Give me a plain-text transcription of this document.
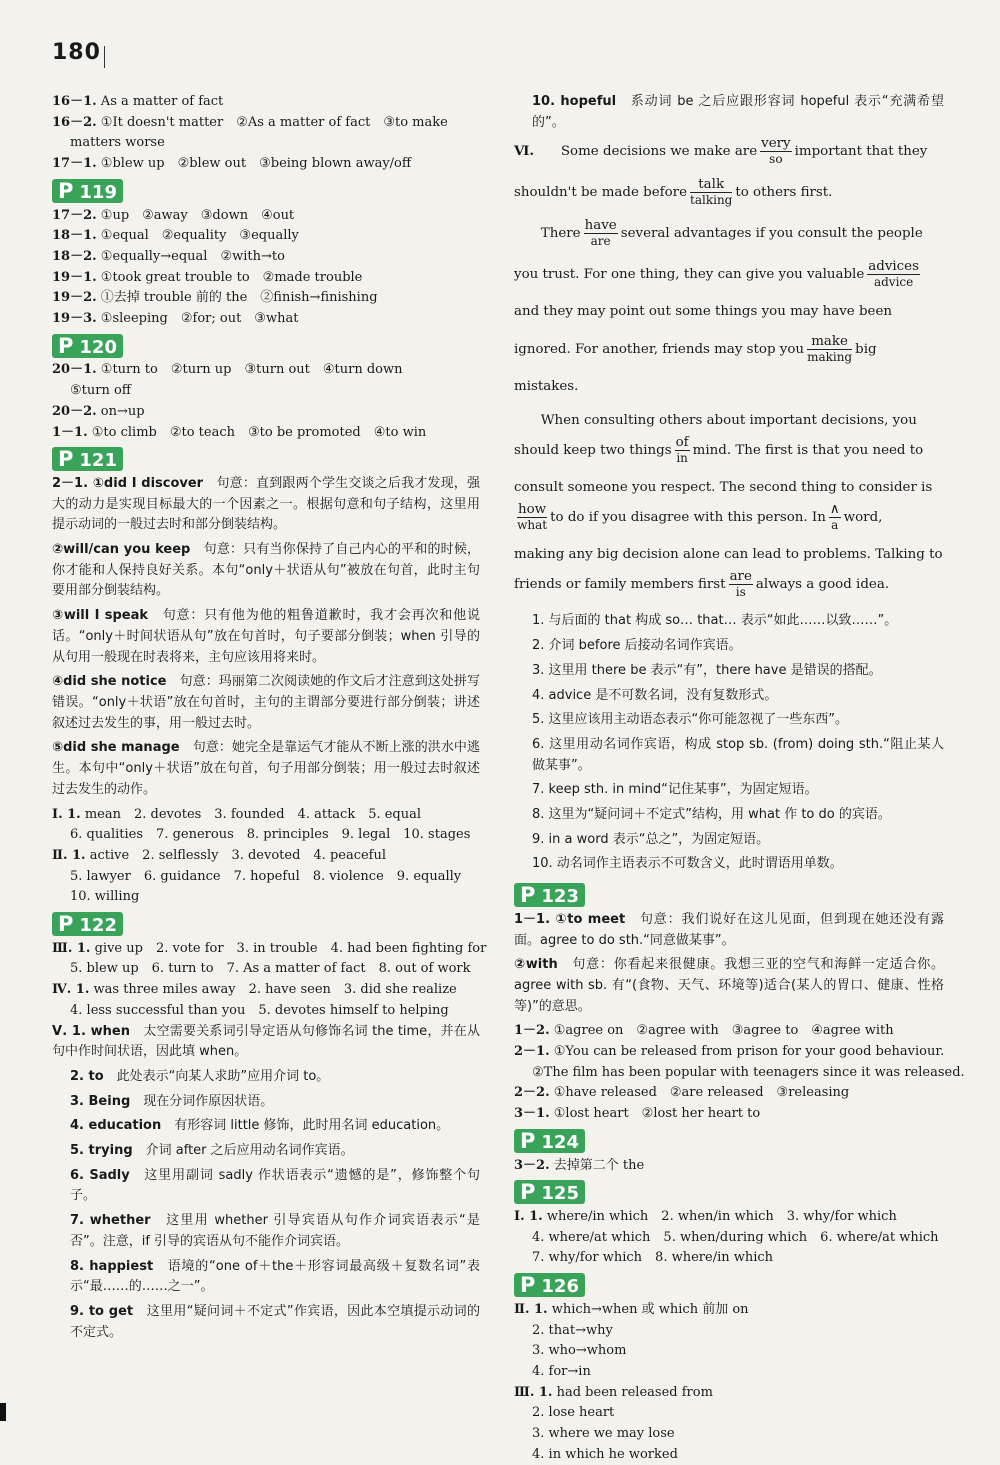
180
16－1. As a matter of fact
16－2. ①It doesn't matter　②As a matter of fact　③to make
matters worse
17－1. ①blew up　②blew out　③being blown away/off
P 119
17－2. ①up　②away　③down　④out
18－1. ①equal　②equality　③equally
18－2. ①equally→equal　②with→to
19－1. ①took great trouble to　②made trouble
19－2. ①去掉 trouble 前的 the　②finish→finishing
19－3. ①sleeping　②for; out　③what
P 120
20－1. ①turn to　②turn up　③turn out　④turn down
⑤turn off
20－2. on→up
1－1. ①to climb　②to teach　③to be promoted　④to win
P 121
2－1. ①did I discover　句意：直到跟两个学生交谈之后我才发现，强大的动力是实现目标最大的一个因素之一。根据句意和句子结构，这里用提示动词的一般过去时和部分倒装结构。
②will/can you keep　句意：只有当你保持了自己内心的平和的时候，你才能和人保持良好关系。本句“only＋状语从句”被放在句首，此时主句要用部分倒装结构。
③will I speak　句意：只有他为他的粗鲁道歉时，我才会再次和他说话。“only＋时间状语从句”放在句首时，句子要部分倒装；when 引导的从句用一般现在时表将来，主句应该用将来时。
④did she notice　句意：玛丽第二次阅读她的作文后才注意到这处拼写错误。“only＋状语”放在句首时，主句的主谓部分要进行部分倒装；讲述叙述过去发生的事，用一般过去时。
⑤did she manage　句意：她完全是靠运气才能从不断上涨的洪水中逃生。本句中“only＋状语”放在句首，句子用部分倒装；用一般过去时叙述过去发生的动作。
Ⅰ. 1. mean　2. devotes　3. founded　4. attack　5. equal
6. qualities　7. generous　8. principles　9. legal　10. stages
Ⅱ. 1. active　2. selflessly　3. devoted　4. peaceful
5. lawyer　6. guidance　7. hopeful　8. violence　9. equally
10. willing
P 122
Ⅲ. 1. give up　2. vote for　3. in trouble　4. had been fighting for
5. blew up　6. turn to　7. As a matter of fact　8. out of work
Ⅳ. 1. was three miles away　2. have seen　3. did she realize
4. less successful than you　5. devotes himself to helping
Ⅴ. 1. when　太空需要关系词引导定语从句修饰名词 the time，并在从句中作时间状语，因此填 when。
2. to　此处表示“向某人求助”应用介词 to。
3. Being　现在分词作原因状语。
4. education　有形容词 little 修饰，此时用名词 education。
5. trying　介词 after 之后应用动名词作宾语。
6. Sadly　这里用副词 sadly 作状语表示“遗憾的是”，修饰整个句子。
7. whether　这里用 whether 引导宾语从句作介词宾语表示“是否”。注意，if 引导的宾语从句不能作介词宾语。
8. happiest　语境的“one of＋the＋形容词最高级＋复数名词”表示“最……的……之一”。
9. to get　这里用“疑问词＋不定式”作宾语，因此本空填提示动词的不定式。
10. hopeful　系动词 be 之后应跟形容词 hopeful 表示“充满希望的”。
Ⅵ.　　 Some decisions we make are
very
so important that they
shouldn't be made before
talk
talking to others first.
　　There
have
are several advantages if you consult the people
you trust. For one thing, they can give you valuable
advices
advice
and they may point out some things you may have been
ignored. For another, friends may stop you
make
making big
mistakes.
　　When consulting others about important decisions, you
should keep two things $\frac{of}{in} \min d$. The first is that you need to
consult someone you respect. The second thing to consider is
how
what to do if you disagree with this person. In
∧
a word,
making any big decision alone can lead to problems. Talking to
friends or family members first
are
is always a good idea.
1. 与后面的 that 构成 so… that… 表示“如此……以致……”。
2. 介词 before 后接动名词作宾语。
3. 这里用 there be 表示“有”，there have 是错误的搭配。
4. advice 是不可数名词，没有复数形式。
5. 这里应该用主动语态表示“你可能忽视了一些东西”。
6. 这里用动名词作宾语，构成 stop sb. (from) doing sth.“阻止某人做某事”。
7. keep sth. in mind“记住某事”，为固定短语。
8. 这里为“疑问词＋不定式”结构，用 what 作 to do 的宾语。
9. in a word 表示“总之”，为固定短语。
10. 动名词作主语表示不可数含义，此时谓语用单数。
P 123
1－1. ①to meet　句意：我们说好在这儿见面，但到现在她还没有露面。agree to do sth.“同意做某事”。
②with　句意：你看起来很健康。我想三亚的空气和海鲜一定适合你。agree with sb. 有“(食物、天气、环境等)适合(某人的胃口、健康、性格等)”的意思。
1－2. ①agree on　②agree with　③agree to　④agree with
2－1. ①You can be released from prison for your good behaviour.
②The film has been popular with teenagers since it was released.
2－2. ①have released　②are released　③releasing
3－1. ①lost heart　②lost her heart to
P 124
3－2. 去掉第二个 the
P 125
Ⅰ. 1. where/in which　2. when/in which　3. why/for which
4. where/at which　5. when/during which　6. where/at which
7. why/for which　8. where/in which
P 126
Ⅱ. 1. which→when 或 which 前加 on
2. that→why
3. who→whom
4. for→in
Ⅲ. 1. had been released from
2. lose heart
3. where we may lose
4. in which he worked
